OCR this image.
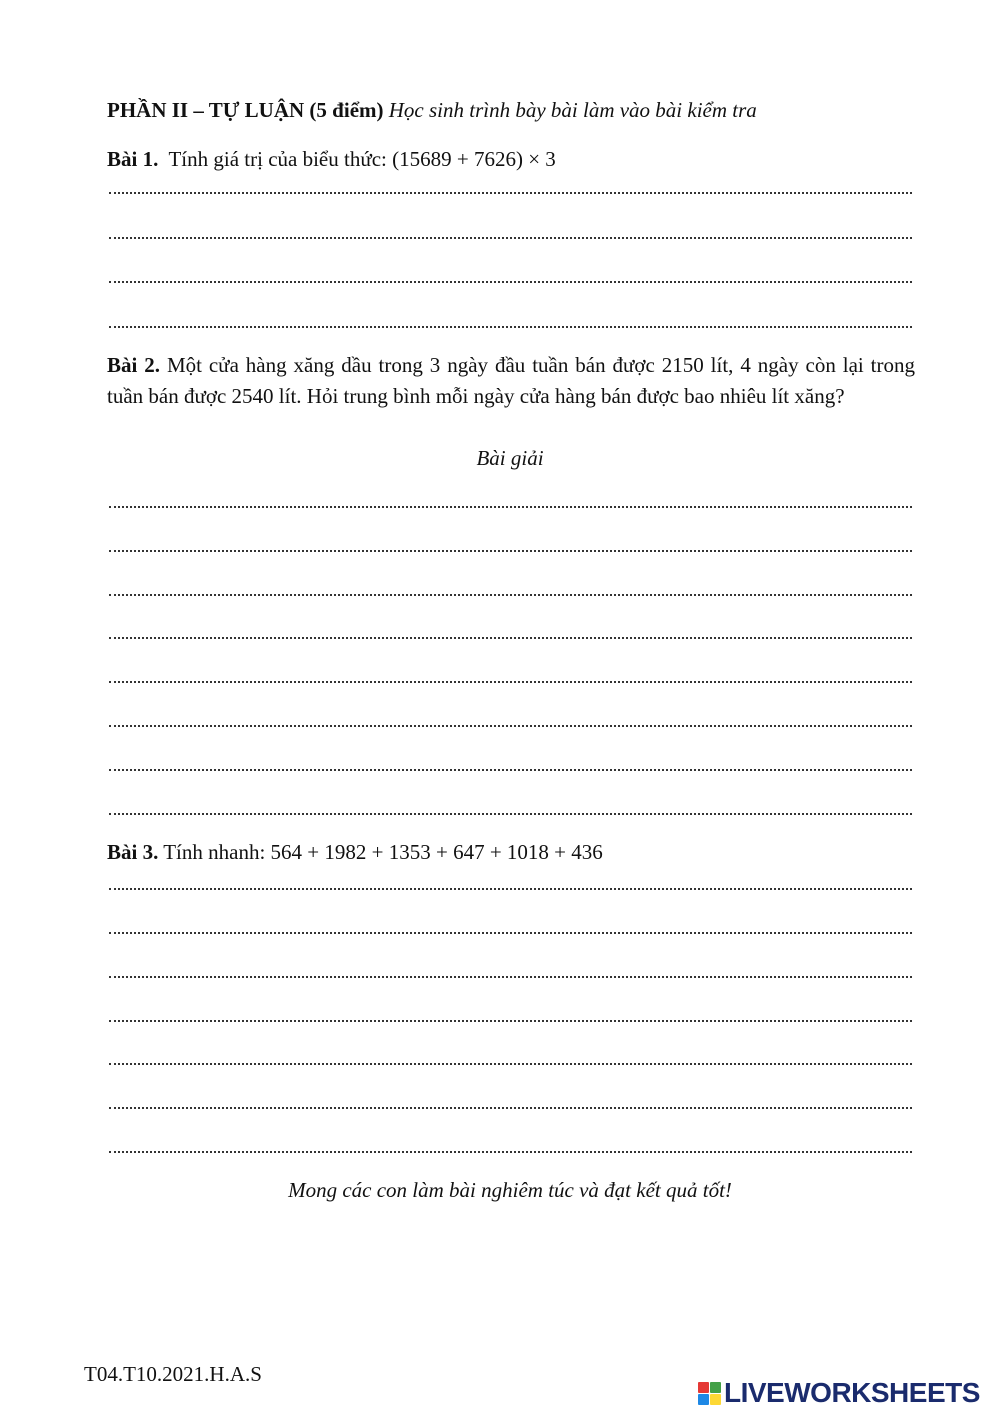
PHẦN II – TỰ LUẬN (5 điểm) Học sinh trình bày bài làm vào bài kiểm tra
Bài 1. Tính giá trị của biểu thức: (15689 + 7626) × 3
Bài 2. Một cửa hàng xăng dầu trong 3 ngày đầu tuần bán được 2150 lít, 4 ngày còn lại trong tuần bán được 2540 lít. Hỏi trung bình mỗi ngày cửa hàng bán được bao nhiêu lít xăng?
Bài giải
Bài 3. Tính nhanh: 564 + 1982 + 1353 + 647 + 1018 + 436
Mong các con làm bài nghiêm túc và đạt kết quả tốt!
T04.T10.2021.H.A.S
LIVEWORKSHEETS
